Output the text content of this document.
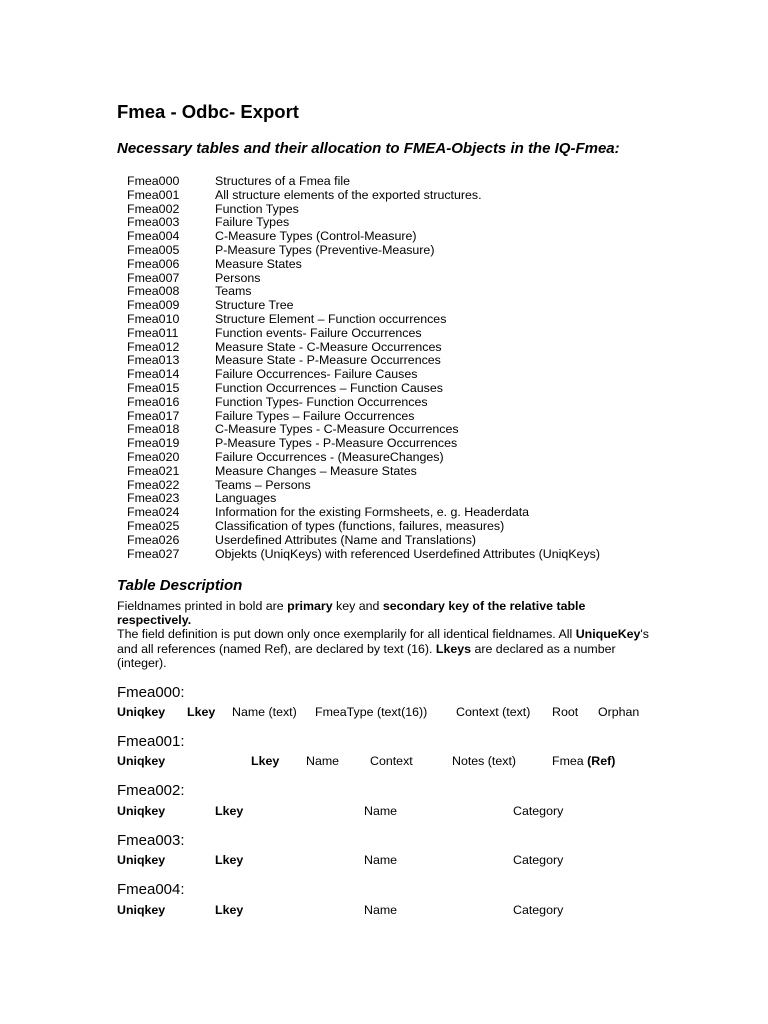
Fmea - Odbc- Export
Necessary tables and their allocation to FMEA-Objects in the IQ-Fmea:
Fmea000	Structures of a Fmea file
Fmea001	All structure elements of the exported structures.
Fmea002	Function Types
Fmea003	Failure Types
Fmea004	C-Measure Types (Control-Measure)
Fmea005	P-Measure Types (Preventive-Measure)
Fmea006	Measure States
Fmea007	Persons
Fmea008	Teams
Fmea009	Structure Tree
Fmea010	Structure Element – Function occurrences
Fmea011	Function events- Failure Occurrences
Fmea012	Measure State - C-Measure Occurrences
Fmea013	Measure State - P-Measure Occurrences
Fmea014	Failure Occurrences- Failure Causes
Fmea015	Function Occurrences – Function Causes
Fmea016	Function Types- Function Occurrences
Fmea017	Failure Types – Failure Occurrences
Fmea018	C-Measure Types - C-Measure Occurrences
Fmea019	P-Measure Types - P-Measure Occurrences
Fmea020	Failure Occurrences - (MeasureChanges)
Fmea021	Measure Changes – Measure States
Fmea022	Teams – Persons
Fmea023	Languages
Fmea024	Information for the existing Formsheets, e. g. Headerdata
Fmea025	Classification of types (functions, failures, measures)
Fmea026	Userdefined Attributes (Name and Translations)
Fmea027	Objekts (UniqKeys) with referenced Userdefined Attributes (UniqKeys)
Table Description

Fieldnames printed in bold are primary key and secondary key of the relative table respectively.

The field definition is put down only once exemplarily for all identical fieldnames. All UniqueKey's and all references (named Ref), are declared by text (16). Lkeys are declared as a number (integer).

Fmea000:
Uniqkey Lkey Name (text) FmeaType (text(16)) Context (text) Root Orphan
Fmea001:
Uniqkey	Lkey Name Context	Notes (text)	Fmea (Ref)
Fmea002:
Uniqkey	Lkey	Name	Category
Fmea003:
Uniqkey	Lkey	Name	Category
Fmea004:
Uniqkey	Lkey	Name	Category
